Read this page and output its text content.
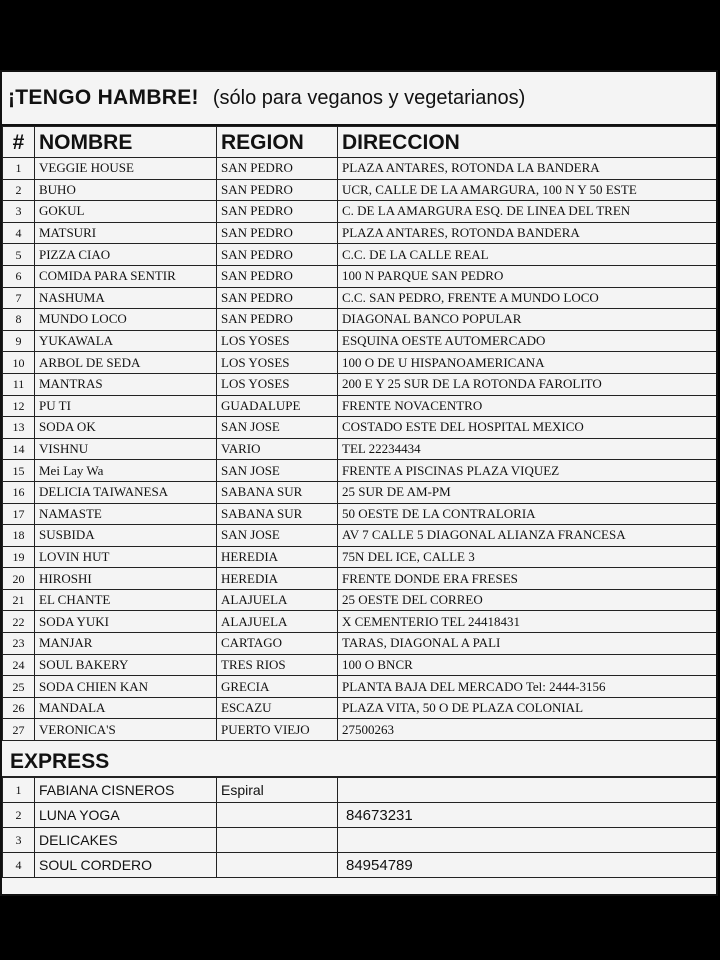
¡TENGO HAMBRE! (sólo para veganos y vegetarianos)
#	NOMBRE	REGION	DIRECCION
1	VEGGIE HOUSE	SAN PEDRO	PLAZA ANTARES, ROTONDA LA BANDERA
2	BUHO	SAN PEDRO	UCR, CALLE DE LA AMARGURA, 100 N Y 50 ESTE
3	GOKUL	SAN PEDRO	C. DE LA AMARGURA ESQ. DE LINEA DEL TREN
4	MATSURI	SAN PEDRO	PLAZA ANTARES, ROTONDA BANDERA
5	PIZZA CIAO	SAN PEDRO	C.C. DE LA CALLE REAL
6	COMIDA PARA SENTIR	SAN PEDRO	100 N PARQUE SAN PEDRO
7	NASHUMA	SAN PEDRO	C.C. SAN PEDRO, FRENTE A MUNDO LOCO
8	MUNDO LOCO	SAN PEDRO	DIAGONAL BANCO POPULAR
9	YUKAWALA	LOS YOSES	ESQUINA OESTE AUTOMERCADO
10	ARBOL DE SEDA	LOS YOSES	100 O DE U HISPANOAMERICANA
11	MANTRAS	LOS YOSES	200 E Y 25 SUR DE LA ROTONDA FAROLITO
12	PU TI	GUADALUPE	FRENTE NOVACENTRO
13	SODA OK	SAN JOSE	COSTADO ESTE DEL HOSPITAL MEXICO
14	VISHNU	VARIO	TEL 22234434
15	Mei Lay Wa	SAN JOSE	FRENTE A PISCINAS PLAZA VIQUEZ
16	DELICIA TAIWANESA	SABANA SUR	25 SUR DE AM-PM
17	NAMASTE	SABANA SUR	50 OESTE DE LA CONTRALORIA
18	SUSBIDA	SAN JOSE	AV 7 CALLE 5 DIAGONAL ALIANZA FRANCESA
19	LOVIN HUT	HEREDIA	75N DEL ICE, CALLE 3
20	HIROSHI	HEREDIA	FRENTE DONDE ERA FRESES
21	EL CHANTE	ALAJUELA	25 OESTE DEL CORREO
22	SODA YUKI	ALAJUELA	X CEMENTERIO TEL 24418431
23	MANJAR	CARTAGO	TARAS, DIAGONAL A PALI
24	SOUL BAKERY	TRES RIOS	100 O BNCR
25	SODA CHIEN KAN	GRECIA	PLANTA BAJA DEL MERCADO Tel: 2444-3156
26	MANDALA	ESCAZU	PLAZA VITA, 50 O DE PLAZA COLONIAL
27	VERONICA'S	PUERTO VIEJO	27500263
EXPRESS
1	FABIANA CISNEROS	Espiral	
2	LUNA YOGA		84673231
3	DELICAKES		
4	SOUL CORDERO		84954789
